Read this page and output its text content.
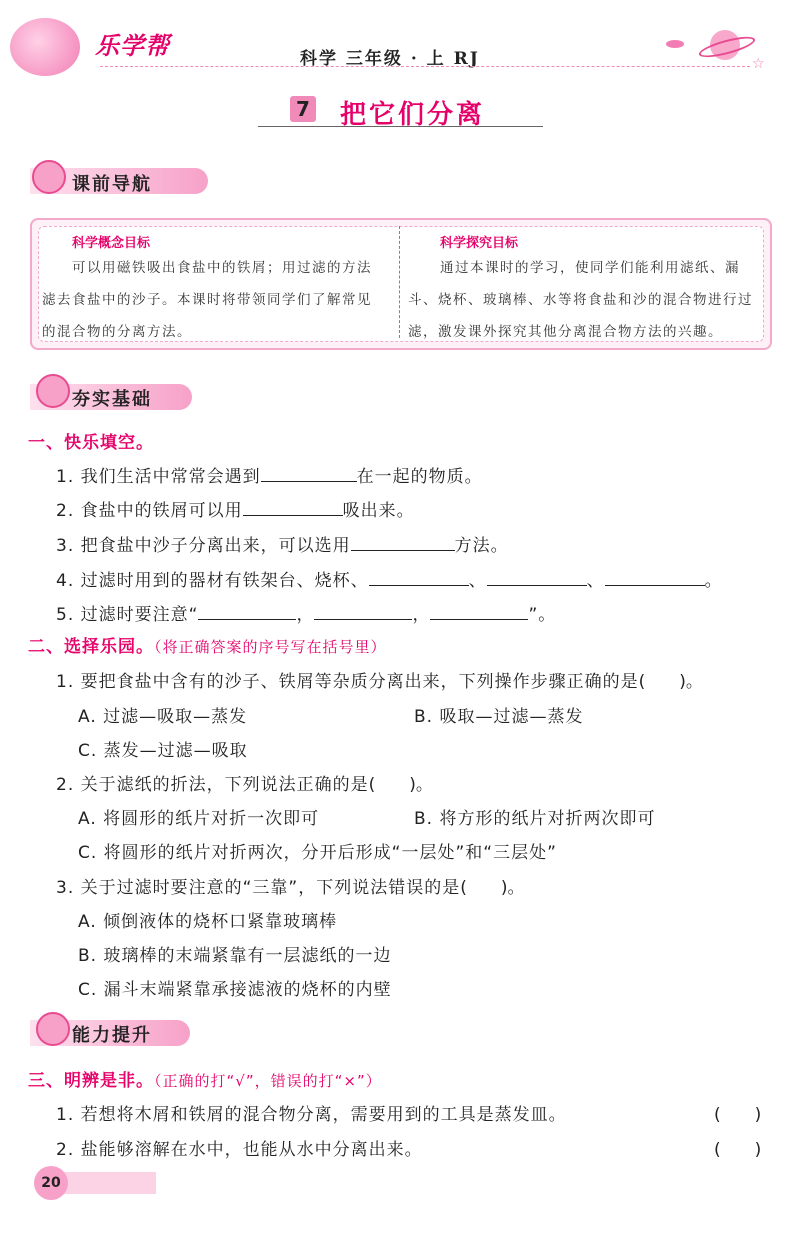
乐学帮	科学 三年级 · 上 RJ	☆
7 把它们分离
课前导航
科学概念目标
可以用磁铁吸出食盐中的铁屑；用过滤的方法
滤去食盐中的沙子。本课时将带领同学们了解常见
的混合物的分离方法。
科学探究目标
通过本课时的学习，使同学们能利用滤纸、漏
斗、烧杯、玻璃棒、水等将食盐和沙的混合物进行过
滤，激发课外探究其他分离混合物方法的兴趣。
夯实基础
一、快乐填空。
1. 我们生活中常常会遇到	在一起的物质。
2. 食盐中的铁屑可以用	吸出来。
3. 把食盐中沙子分离出来，可以选用	方法。
4. 过滤时用到的器材有铁架台、烧杯、	、	、	。
5. 过滤时要注意“	，	，	”。
二、选择乐园。（将正确答案的序号写在括号里）
1. 要把食盐中含有的沙子、铁屑等杂质分离出来，下列操作步骤正确的是(　　)。
A. 过滤—吸取—蒸发	B. 吸取—过滤—蒸发
C. 蒸发—过滤—吸取
2. 关于滤纸的折法，下列说法正确的是(　　)。
A. 将圆形的纸片对折一次即可	B. 将方形的纸片对折两次即可
C. 将圆形的纸片对折两次，分开后形成“一层处”和“三层处”
3. 关于过滤时要注意的“三靠”，下列说法错误的是(　　)。
A. 倾倒液体的烧杯口紧靠玻璃棒
B. 玻璃棒的末端紧靠有一层滤纸的一边
C. 漏斗末端紧靠承接滤液的烧杯的内壁
能力提升
三、明辨是非。（正确的打“√”，错误的打“×”）
1. 若想将木屑和铁屑的混合物分离，需要用到的工具是蒸发皿。	(　　)
2. 盐能够溶解在水中，也能从水中分离出来。	(　　)
20
